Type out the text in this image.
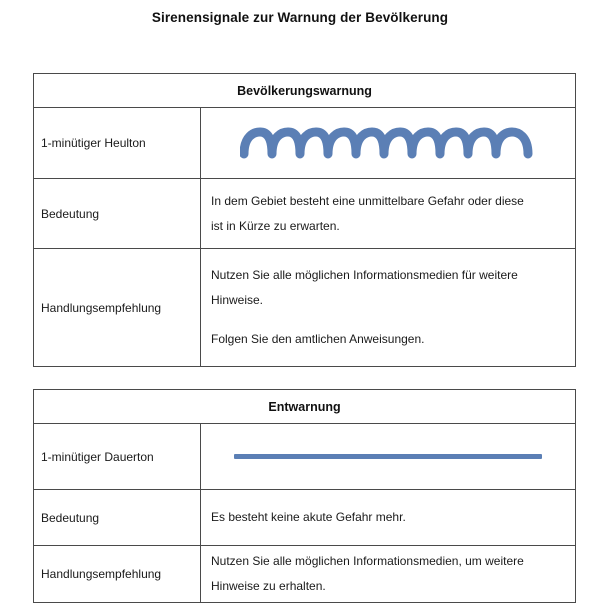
Sirenensignale zur Warnung der Bevölkerung
Bevölkerungswarnung
1-minütiger Heulton
Bedeutung
In dem Gebiet besteht eine unmittelbare Gefahr oder diese
ist in Kürze zu erwarten.
Handlungsempfehlung
Nutzen Sie alle möglichen Informationsmedien für weitere
Hinweise.
Folgen Sie den amtlichen Anweisungen.
Entwarnung
1-minütiger Dauerton
Bedeutung	Es besteht keine akute Gefahr mehr.
Handlungsempfehlung
Nutzen Sie alle möglichen Informationsmedien, um weitere
Hinweise zu erhalten.
